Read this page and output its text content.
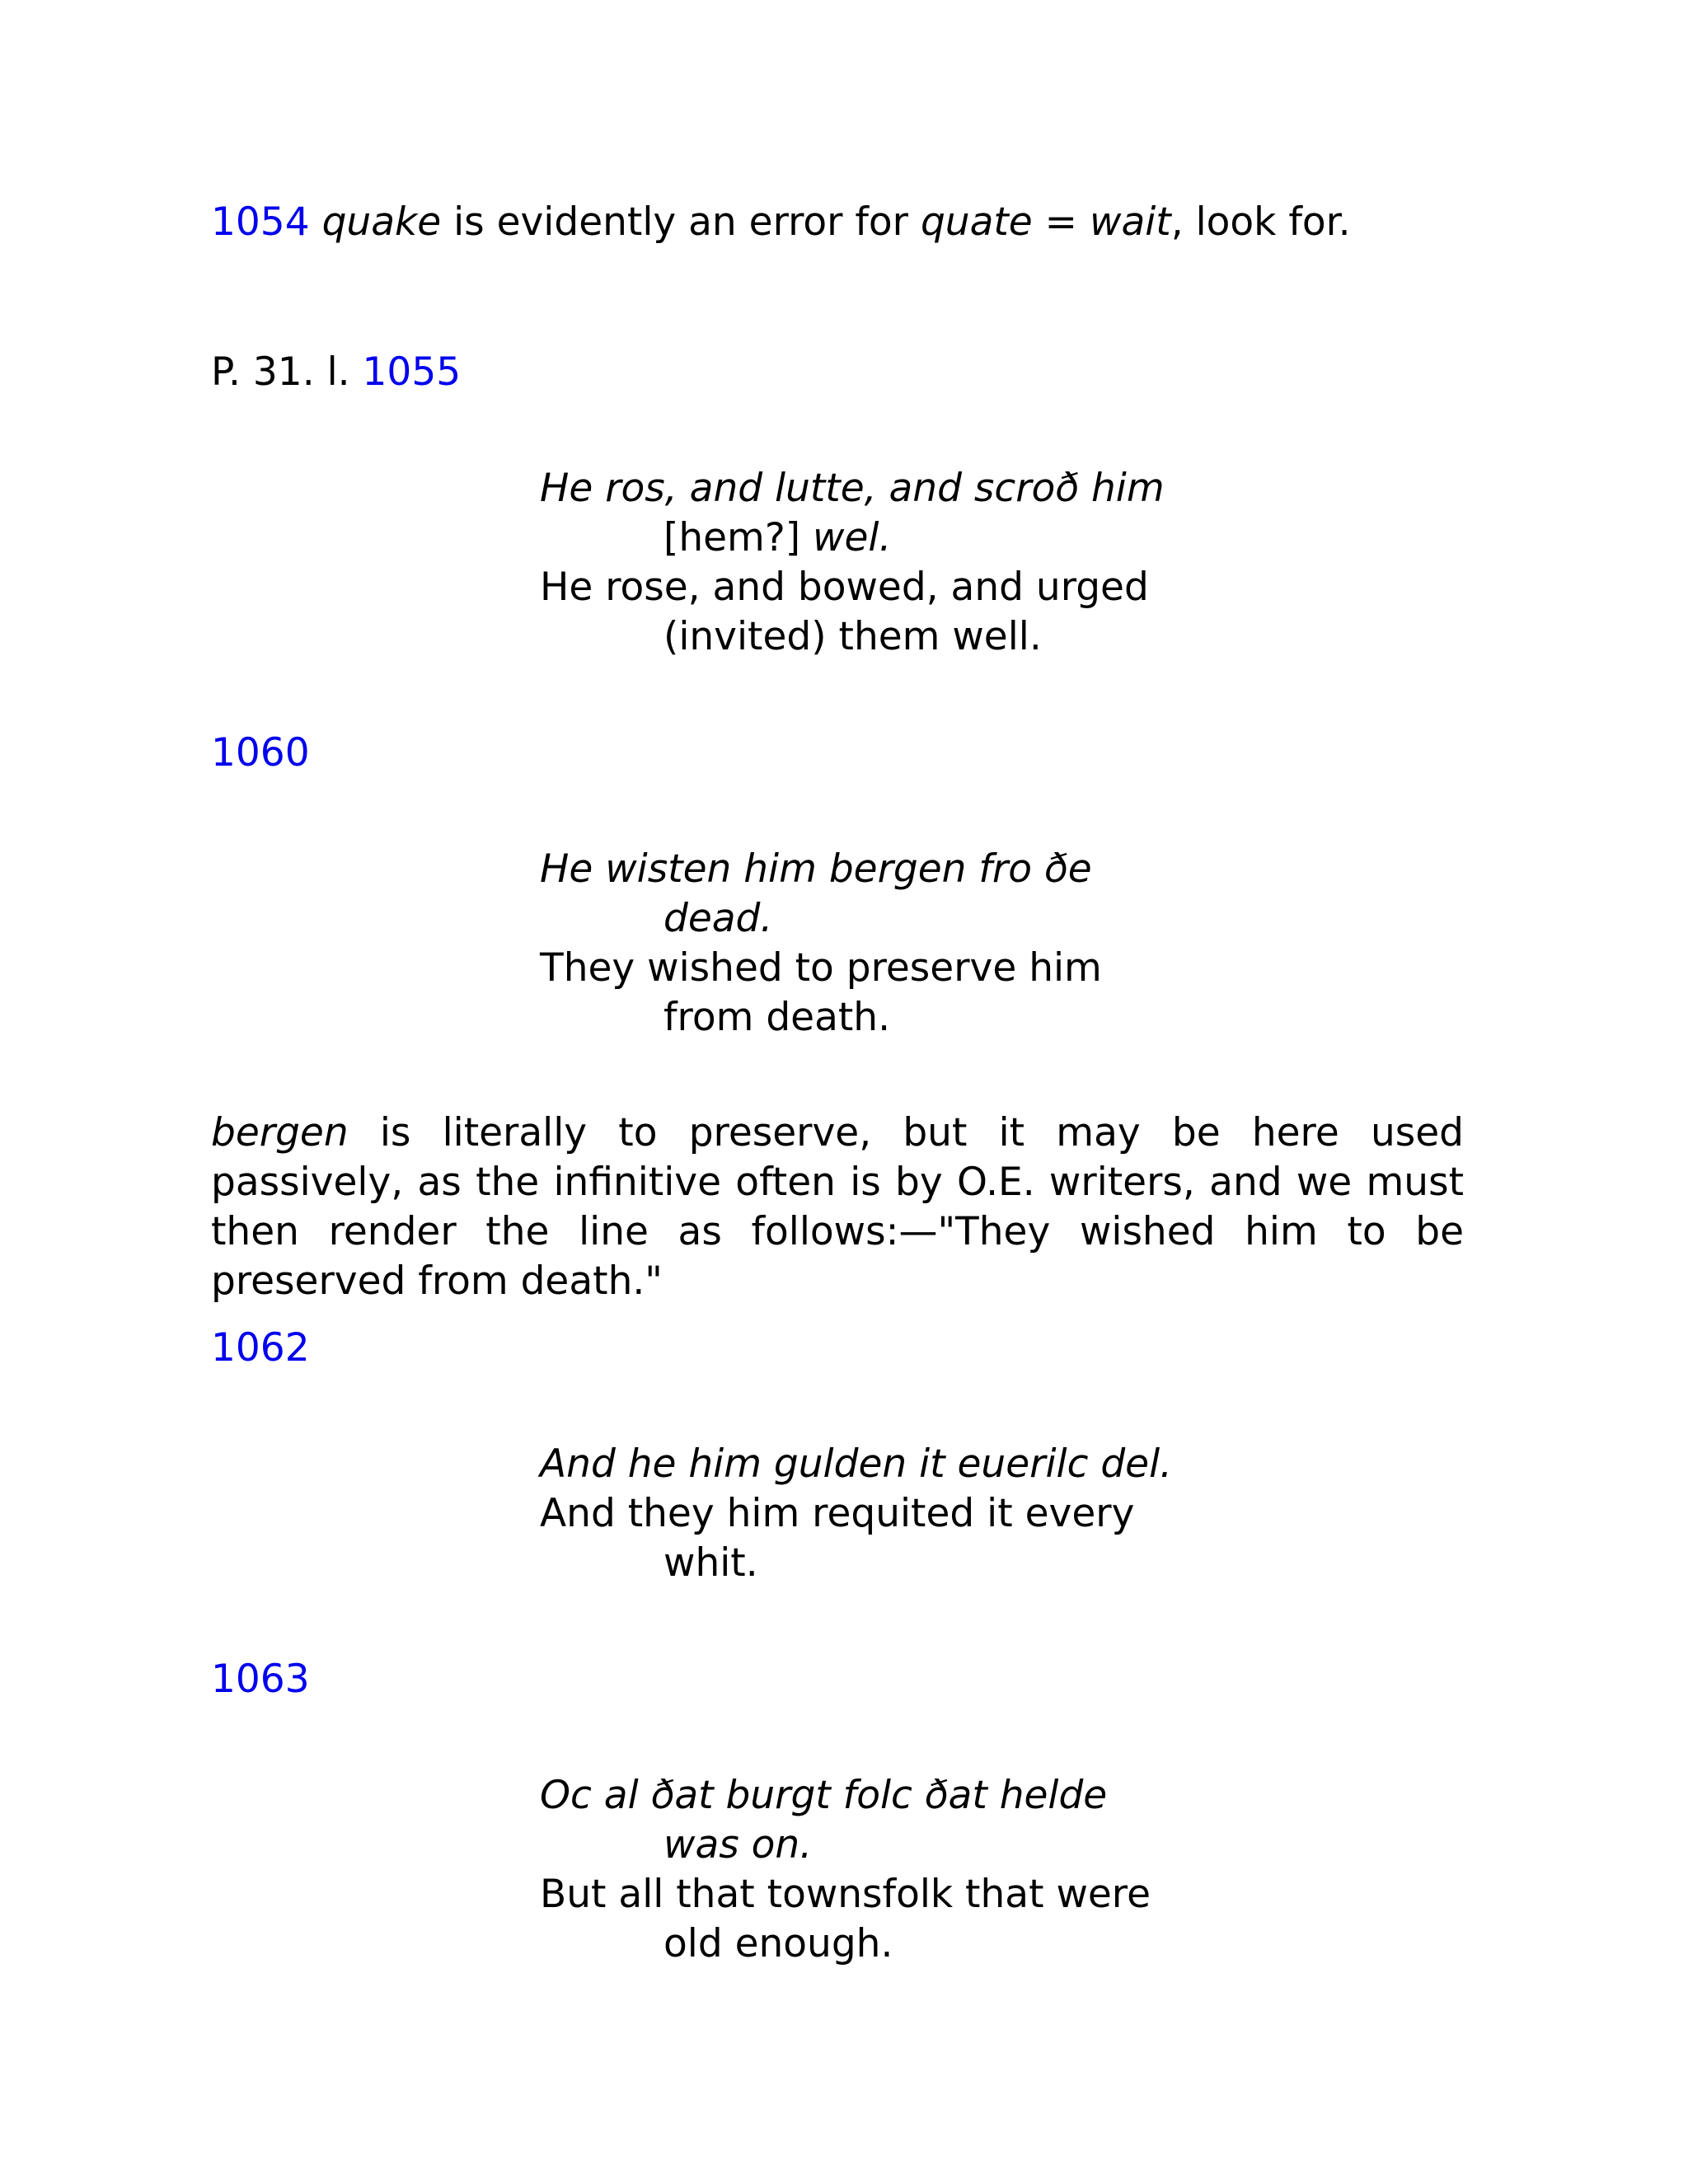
1054 quake is evidently an error for quate = wait, look for.

P. 31. l. 1055

He ros, and lutte, and scroð him
[hem?] wel.
He rose, and bowed, and urged
(invited) them well.

1060

He wisten him bergen fro ðe
dead.
They wished to preserve him
from death.

bergen is literally to preserve, but it may be here used passively, as the infinitive often is by O.E. writers, and we must then render the line as follows:—"They wished him to be preserved from death."

1062

And he him gulden it euerilc del.
And they him requited it every
whit.

1063

Oc al ðat burgt folc ðat helde
was on.
But all that townsfolk that were
old enough.
